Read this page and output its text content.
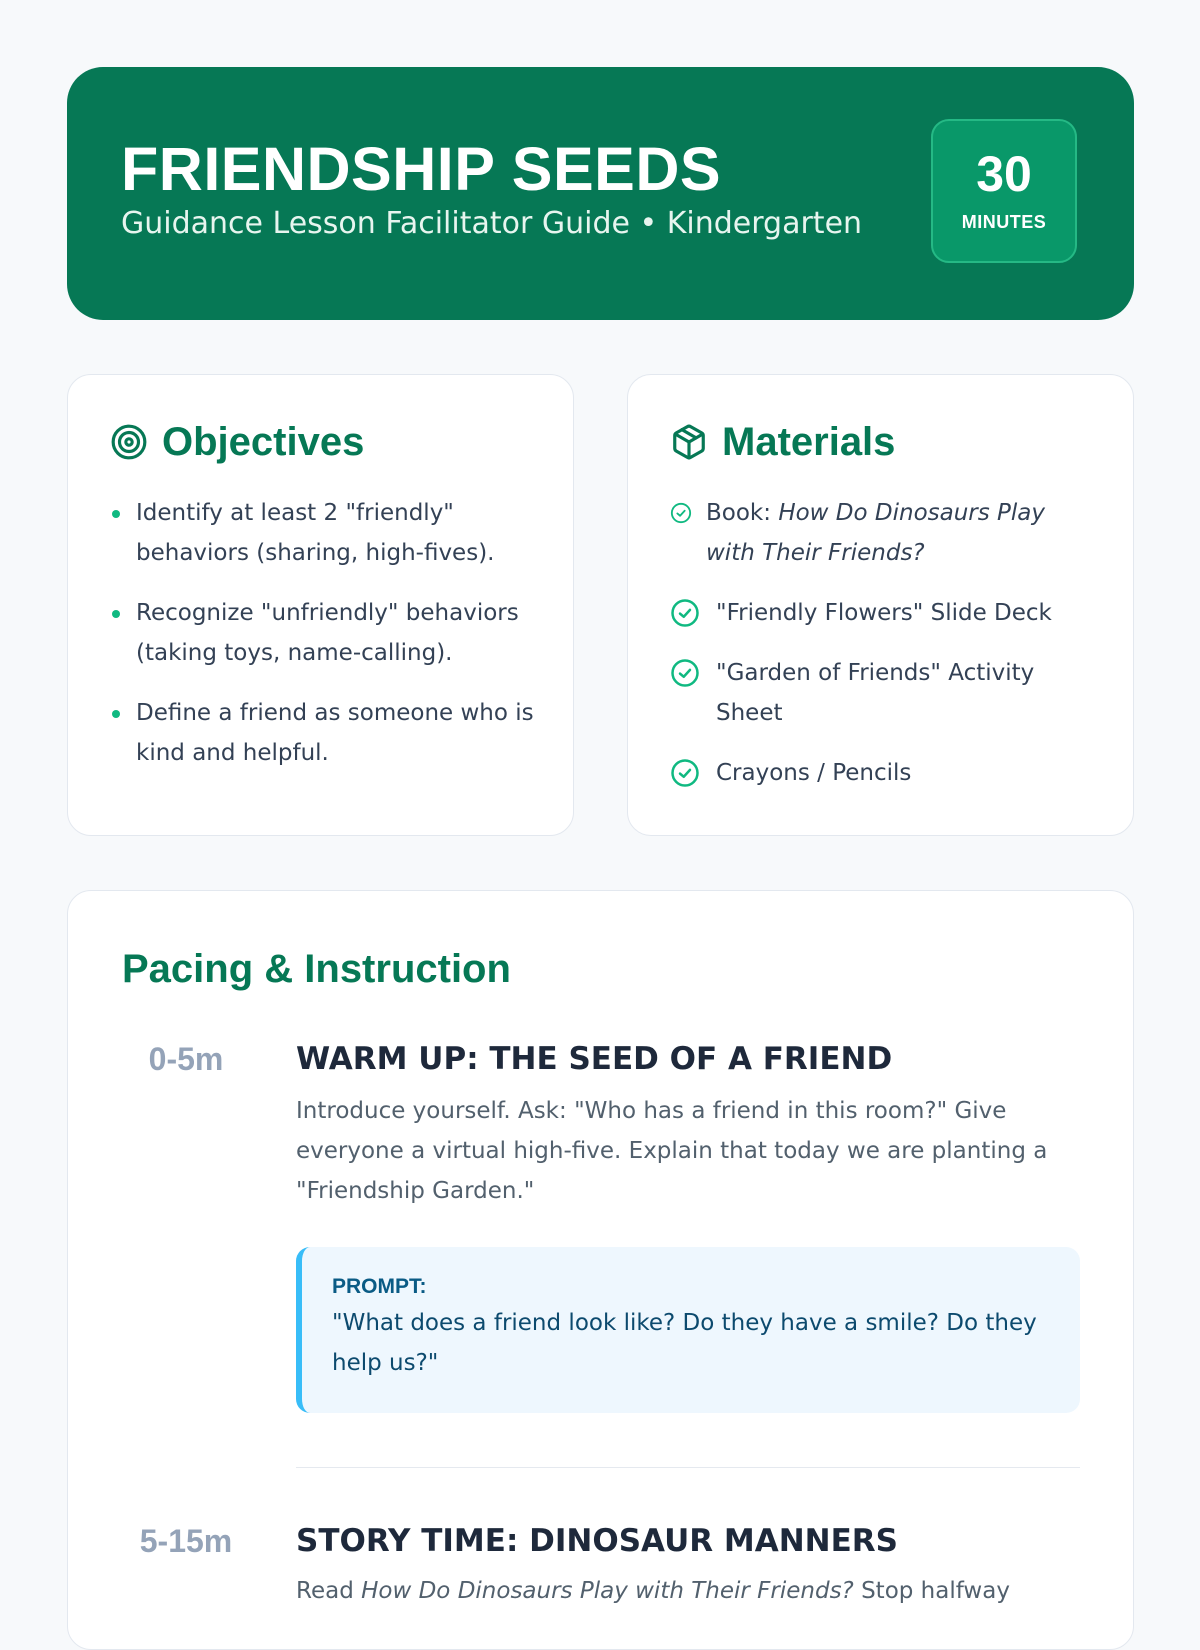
FRIENDSHIP SEEDS
Guidance Lesson Facilitator Guide • Kindergarten
30
MINUTES
Objectives
Identify at least 2 "friendly" behaviors (sharing, high-fives).
Recognize "unfriendly" behaviors (taking toys, name-calling).
Define a friend as someone who is kind and helpful.
Materials
Book: How Do Dinosaurs Play with Their Friends?
"Friendly Flowers" Slide Deck
"Garden of Friends" Activity Sheet
Crayons / Pencils
Pacing & Instruction
0-5m	WARM UP: THE SEED OF A FRIEND
Introduce yourself. Ask: "Who has a friend in this room?" Give everyone a virtual high-five. Explain that today we are planting a "Friendship Garden."
PROMPT:
"What does a friend look like? Do they have a smile? Do they help us?"
5-15m	STORY TIME: DINOSAUR MANNERS
Read How Do Dinosaurs Play with Their Friends? Stop halfway
